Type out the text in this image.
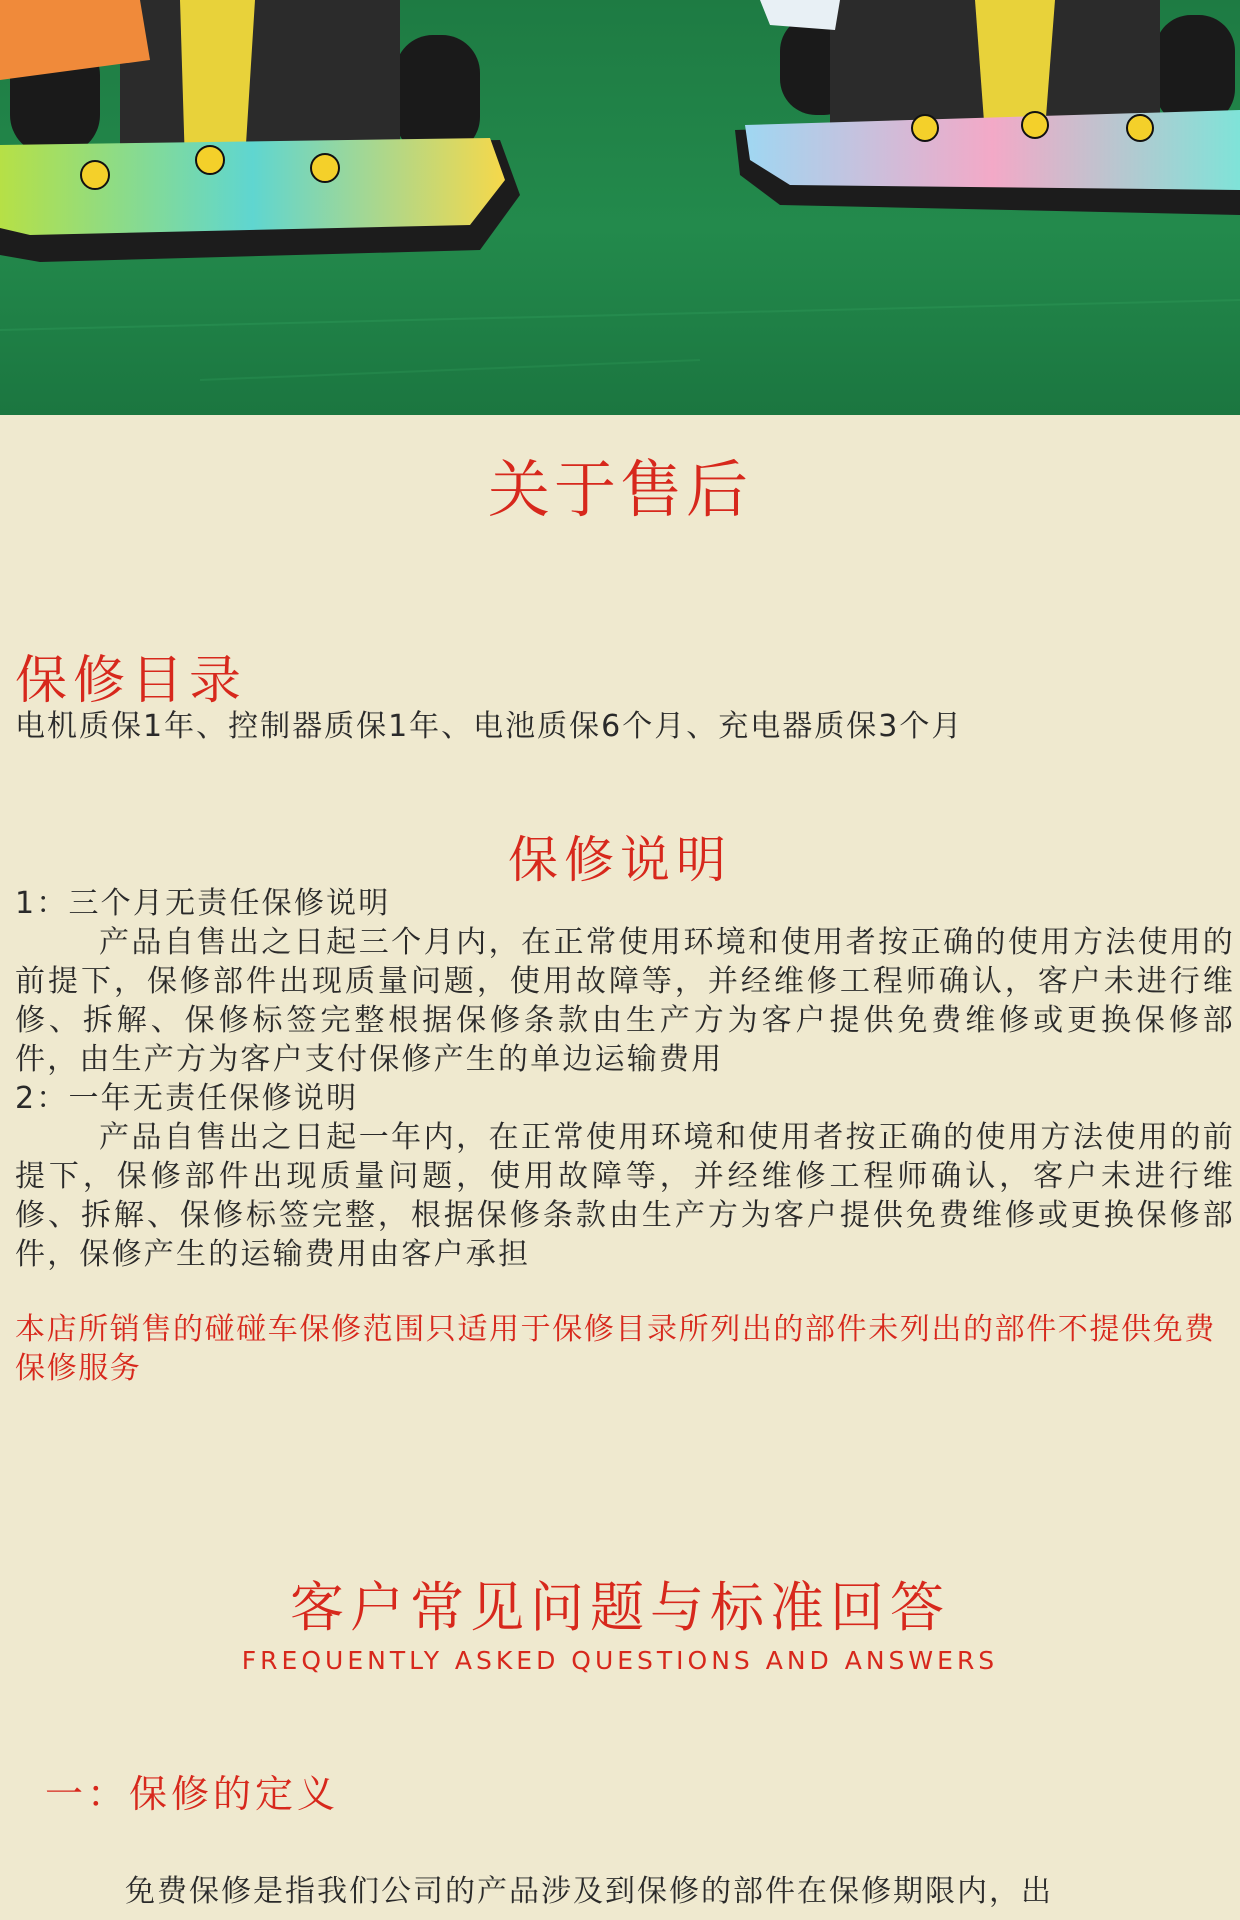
关于售后
保修目录
电机质保1年、控制器质保1年、电池质保6个月、充电器质保3个月
保修说明

1：三个月无责任保修说明

产品自售出之日起三个月内，在正常使用环境和使用者按正确的使用方法使用的前提下，保修部件出现质量问题，使用故障等，并经维修工程师确认，客户未进行维修、拆解、保修标签完整根据保修条款由生产方为客户提供免费维修或更换保修部件，由生产方为客户支付保修产生的单边运输费用

2：一年无责任保修说明

产品自售出之日起一年内，在正常使用环境和使用者按正确的使用方法使用的前提下，保修部件出现质量问题，使用故障等，并经维修工程师确认，客户未进行维修、拆解、保修标签完整，根据保修条款由生产方为客户提供免费维修或更换保修部件，保修产生的运输费用由客户承担

本店所销售的碰碰车保修范围只适用于保修目录所列出的部件未列出的部件不提供免费保修服务
客户常见问题与标准回答
FREQUENTLY ASKED QUESTIONS AND ANSWERS
一：保修的定义
免费保修是指我们公司的产品涉及到保修的部件在保修期限内，出
